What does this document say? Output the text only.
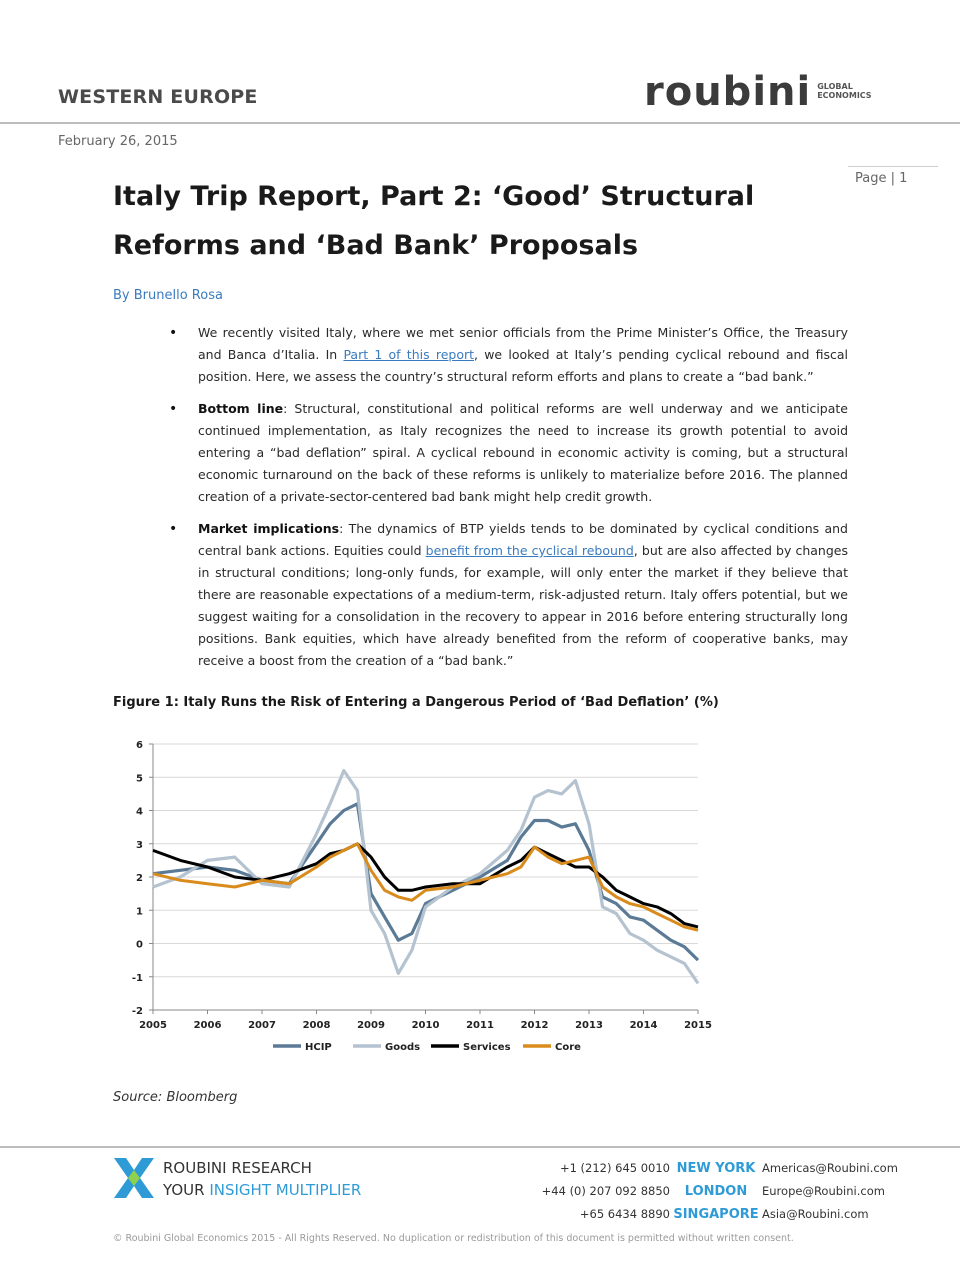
WESTERN EUROPE	roubini GLOBAL
ECONOMICS
February 26, 2015
Page | 1
Italy Trip Report, Part 2: ‘Good’ Structural Reforms and ‘Bad Bank’ Proposals
By Brunello Rosa
• We recently visited Italy, where we met senior officials from the Prime Minister’s Office, the Treasury and Banca d’Italia. In Part 1 of this report, we looked at Italy’s pending cyclical rebound and fiscal position. Here, we assess the country’s structural reform efforts and plans to create a “bad bank.”
• Bottom line: Structural, constitutional and political reforms are well underway and we anticipate continued implementation, as Italy recognizes the need to increase its growth potential to avoid entering a “bad deflation” spiral. A cyclical rebound in economic activity is coming, but a structural economic turnaround on the back of these reforms is unlikely to materialize before 2016. The planned creation of a private-sector-centered bad bank might help credit growth.
• Market implications: The dynamics of BTP yields tends to be dominated by cyclical conditions and central bank actions. Equities could benefit from the cyclical rebound, but are also affected by changes in structural conditions; long-only funds, for example, will only enter the market if they believe that there are reasonable expectations of a medium-term, risk-adjusted return. Italy offers potential, but we suggest waiting for a consolidation in the recovery to appear in 2016 before entering structurally long positions. Bank equities, which have already benefited from the reform of cooperative banks, may receive a boost from the creation of a “bad bank.”
Figure 1: Italy Runs the Risk of Entering a Dangerous Period of ‘Bad Deflation’ (%)
6
5
4
3
2
1
0
-1
-2
2005	2006	2007	2008	2009	2010	2011	2012	2013	2014	2015
HCIP	Goods	Services	Core
Source: Bloomberg
ROUBINI RESEARCH
YOUR INSIGHT MULTIPLIER
+1 (212) 645 0010 NEW YORK Americas@Roubini.com
+44 (0) 207 092 8850	LONDON	Europe@Roubini.com
+65 6434 8890 SINGAPORE Asia@Roubini.com
© Roubini Global Economics 2015 - All Rights Reserved. No duplication or redistribution of this document is permitted without written consent.
